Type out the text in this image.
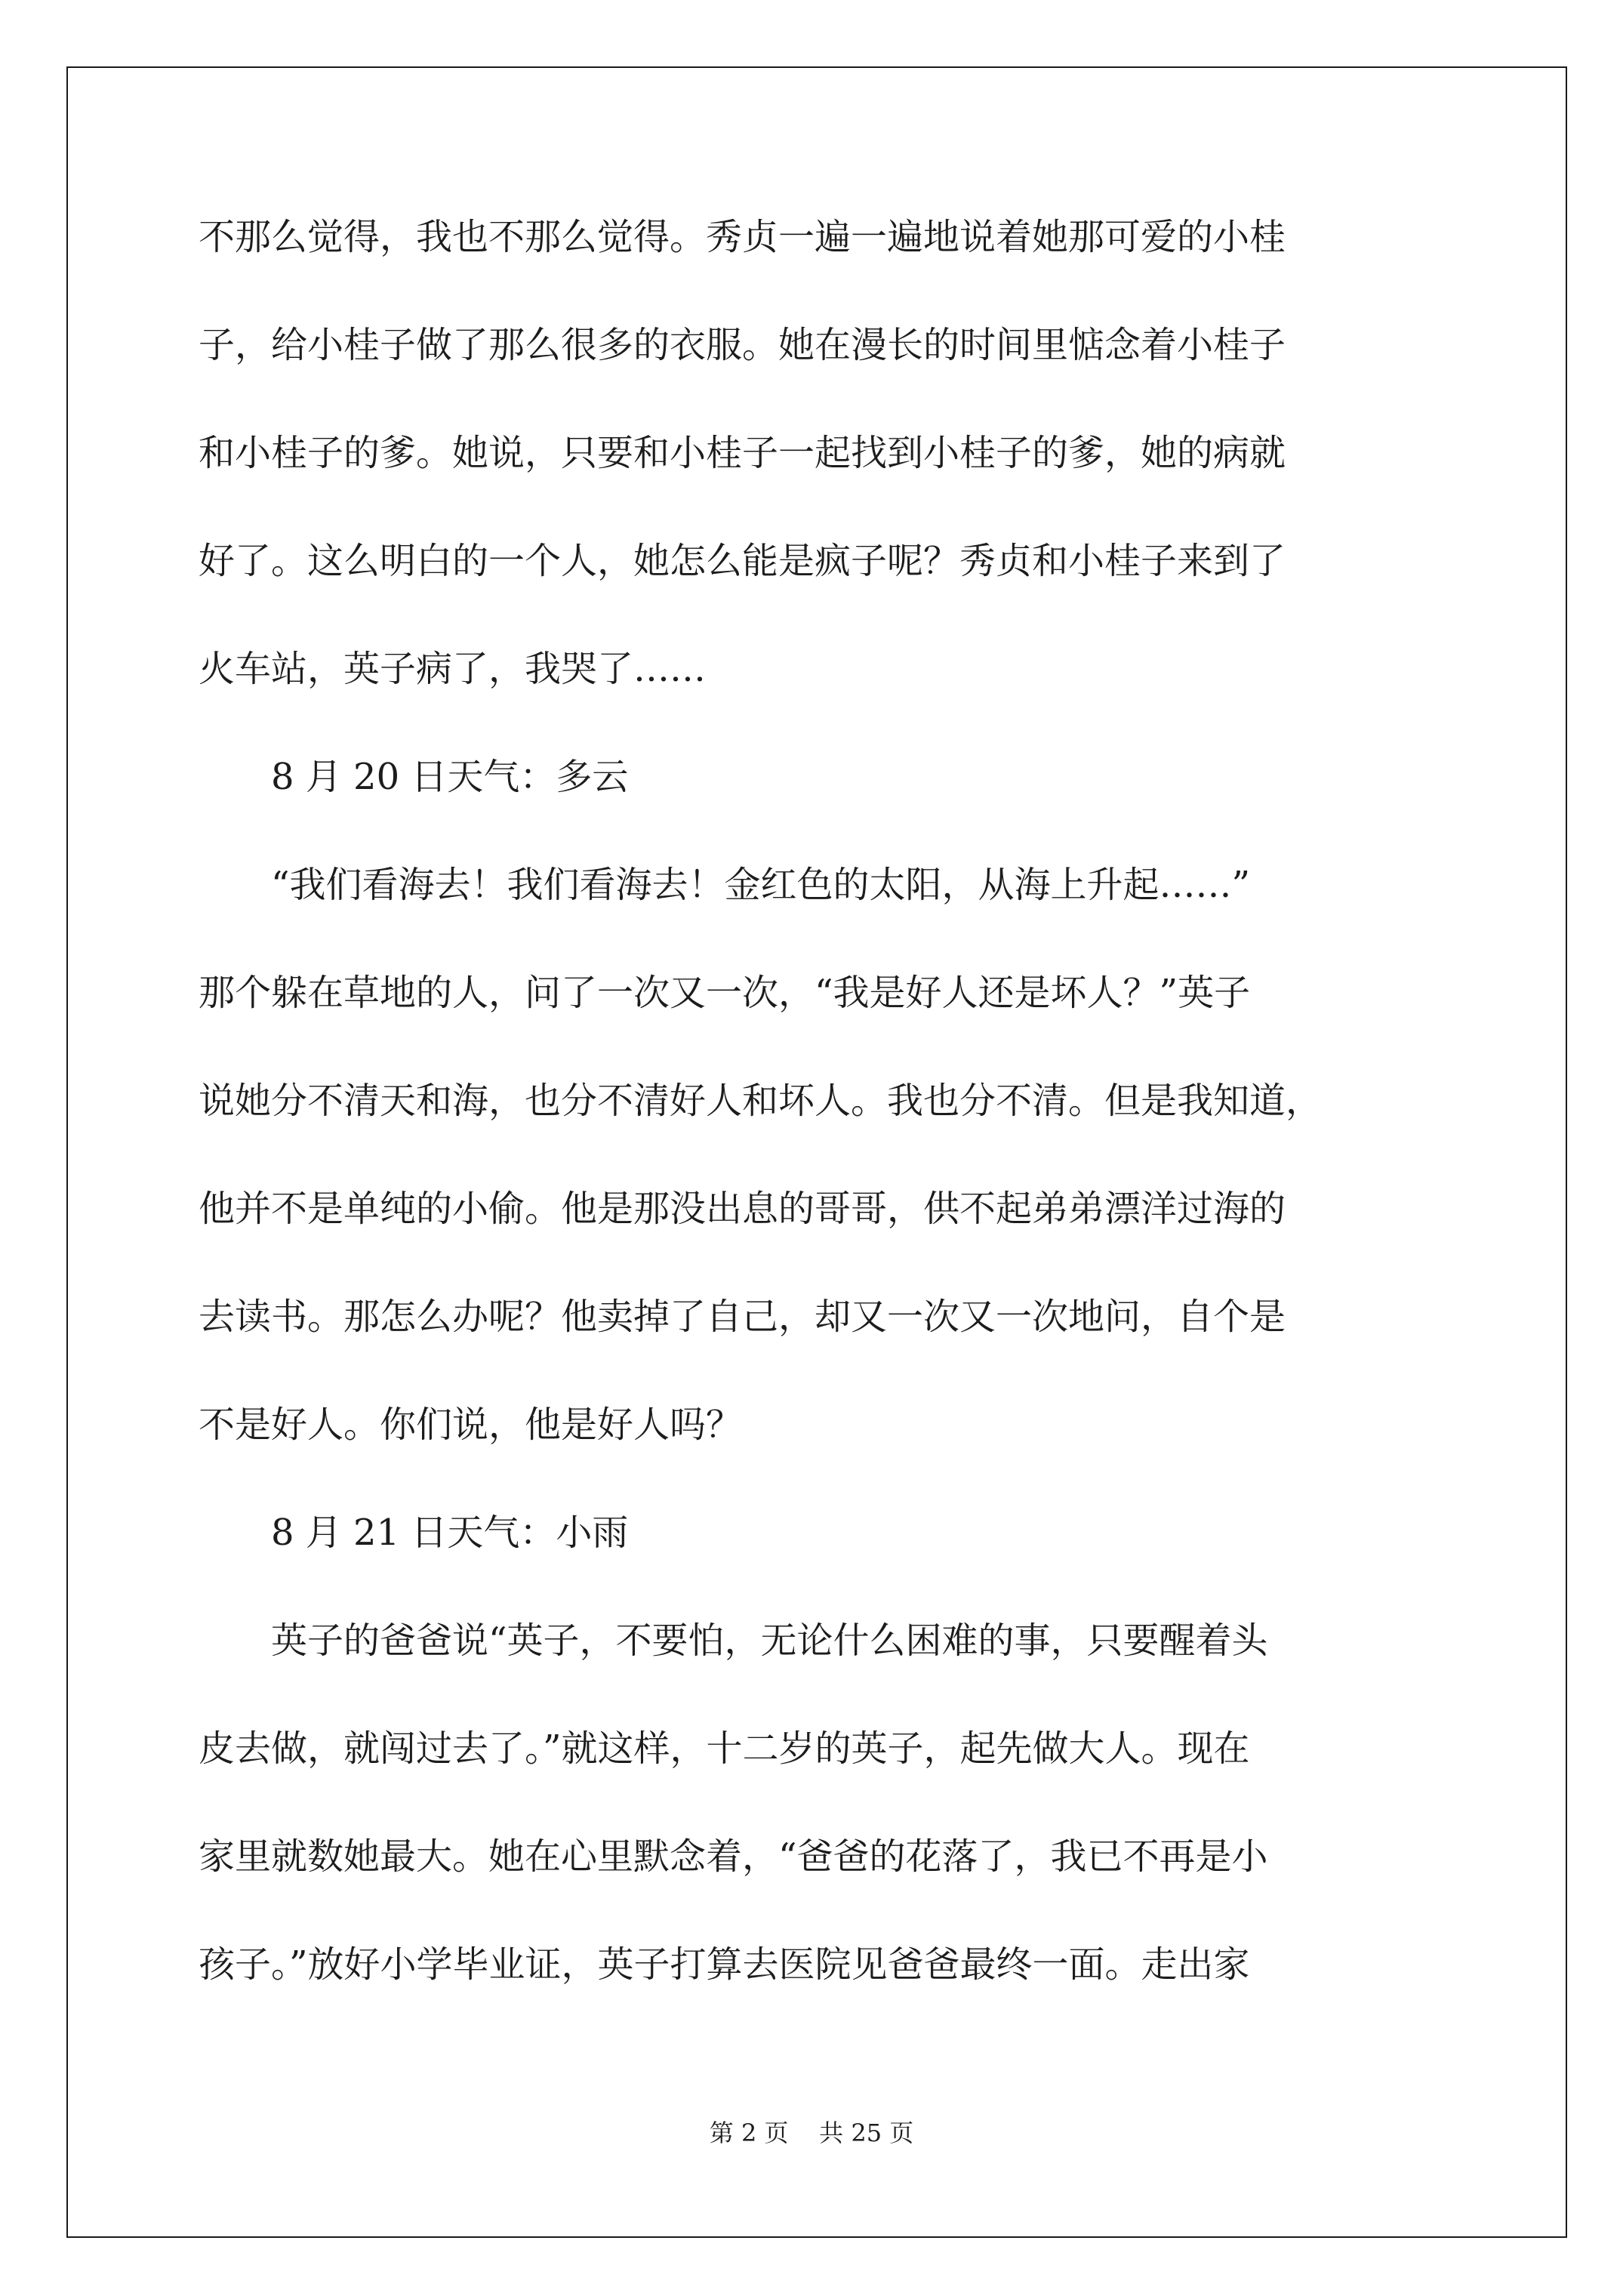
不那么觉得，我也不那么觉得。秀贞一遍一遍地说着她那可爱的小桂
子，给小桂子做了那么很多的衣服。她在漫长的时间里惦念着小桂子
和小桂子的爹。她说，只要和小桂子一起找到小桂子的爹，她的病就
好了。这么明白的一个人，她怎么能是疯子呢？秀贞和小桂子来到了
火车站，英子病了，我哭了……
8 月 20 日天气：多云
“我们看海去！我们看海去！金红色的太阳，从海上升起……”
那个躲在草地的人，问了一次又一次，“我是好人还是坏人？”英子
说她分不清天和海，也分不清好人和坏人。我也分不清。但是我知道，
他并不是单纯的小偷。他是那没出息的哥哥，供不起弟弟漂洋过海的
去读书。那怎么办呢？他卖掉了自己，却又一次又一次地问，自个是
不是好人。你们说，他是好人吗？
8 月 21 日天气：小雨
英子的爸爸说“英子，不要怕，无论什么困难的事，只要醒着头
皮去做，就闯过去了。”就这样，十二岁的英子，起先做大人。现在
家里就数她最大。她在心里默念着，“爸爸的花落了，我已不再是小
孩子。”放好小学毕业证，英子打算去医院见爸爸最终一面。走出家
第 2 页    共 25 页
